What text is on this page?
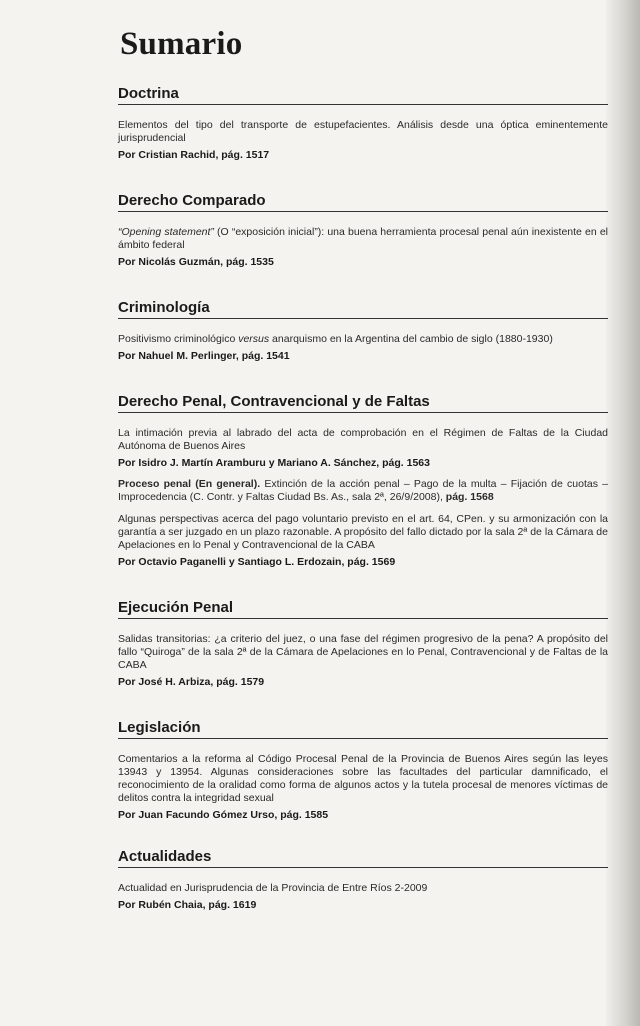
Sumario
Doctrina
Elementos del tipo del transporte de estupefacientes. Análisis desde una óptica eminentemente jurisprudencial
Por Cristian Rachid, pág. 1517
Derecho Comparado
“Opening statement” (O “exposición inicial”): una buena herramienta procesal penal aún inexistente en el ámbito federal
Por Nicolás Guzmán, pág. 1535
Criminología
Positivismo criminológico versus anarquismo en la Argentina del cambio de siglo (1880-1930)
Por Nahuel M. Perlinger, pág. 1541
Derecho Penal, Contravencional y de Faltas
La intimación previa al labrado del acta de comprobación en el Régimen de Faltas de la Ciudad Autónoma de Buenos Aires
Por Isidro J. Martín Aramburu y Mariano A. Sánchez, pág. 1563
Proceso penal (En general). Extinción de la acción penal – Pago de la multa – Fijación de cuotas – Improcedencia (C. Contr. y Faltas Ciudad Bs. As., sala 2ª, 26/9/2008), pág. 1568
Algunas perspectivas acerca del pago voluntario previsto en el art. 64, CPen. y su armonización con la garantía a ser juzgado en un plazo razonable. A propósito del fallo dictado por la sala 2ª de la Cámara de Apelaciones en lo Penal y Contravencional de la CABA
Por Octavio Paganelli y Santiago L. Erdozain, pág. 1569
Ejecución Penal
Salidas transitorias: ¿a criterio del juez, o una fase del régimen progresivo de la pena? A propósito del fallo “Quiroga” de la sala 2ª de la Cámara de Apelaciones en lo Penal, Contravencional y de Faltas de la CABA
Por José H. Arbiza, pág. 1579
Legislación
Comentarios a la reforma al Código Procesal Penal de la Provincia de Buenos Aires según las leyes 13943 y 13954. Algunas consideraciones sobre las facultades del particular damnificado, el reconocimiento de la oralidad como forma de algunos actos y la tutela procesal de menores víctimas de delitos contra la integridad sexual
Por Juan Facundo Gómez Urso, pág. 1585
Actualidades
Actualidad en Jurisprudencia de la Provincia de Entre Ríos 2-2009
Por Rubén Chaia, pág. 1619
